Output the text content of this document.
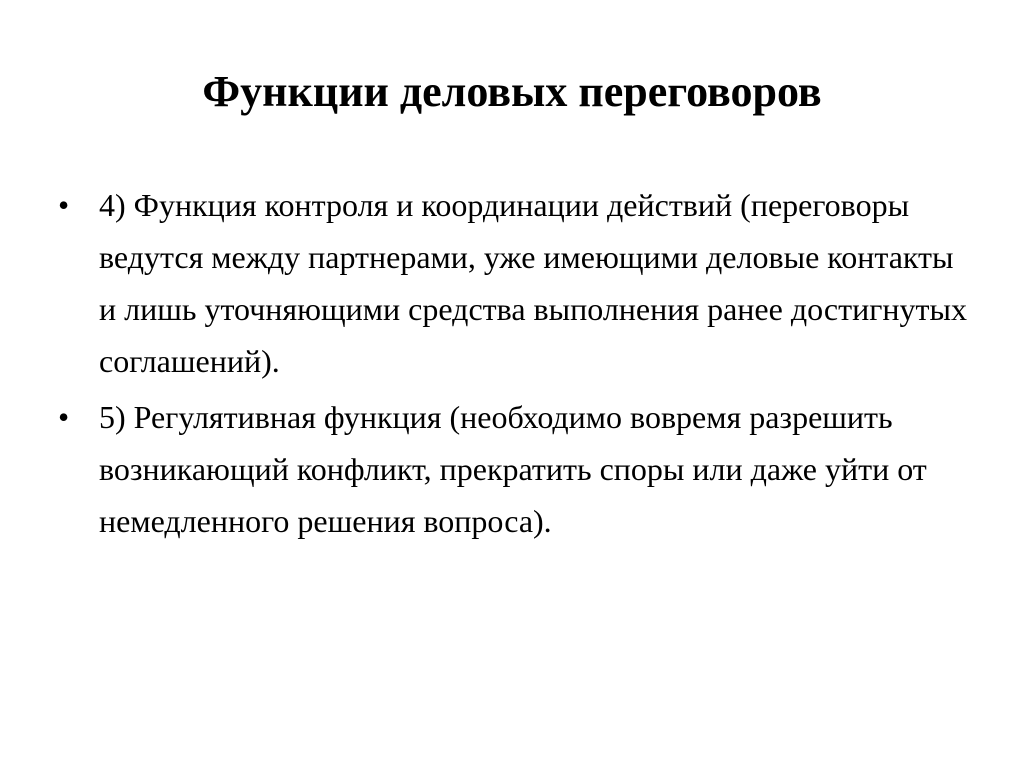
Функции деловых переговоров
• 4) Функция контроля и координации действий (переговоры ведутся между партнерами, уже имеющими деловые контакты и лишь уточняющими средства выполнения ранее достигнутых соглашений).
• 5) Регулятивная функция (необходимо вовремя разрешить возникающий конфликт, прекратить споры или даже уйти от немедленного решения вопроса).
